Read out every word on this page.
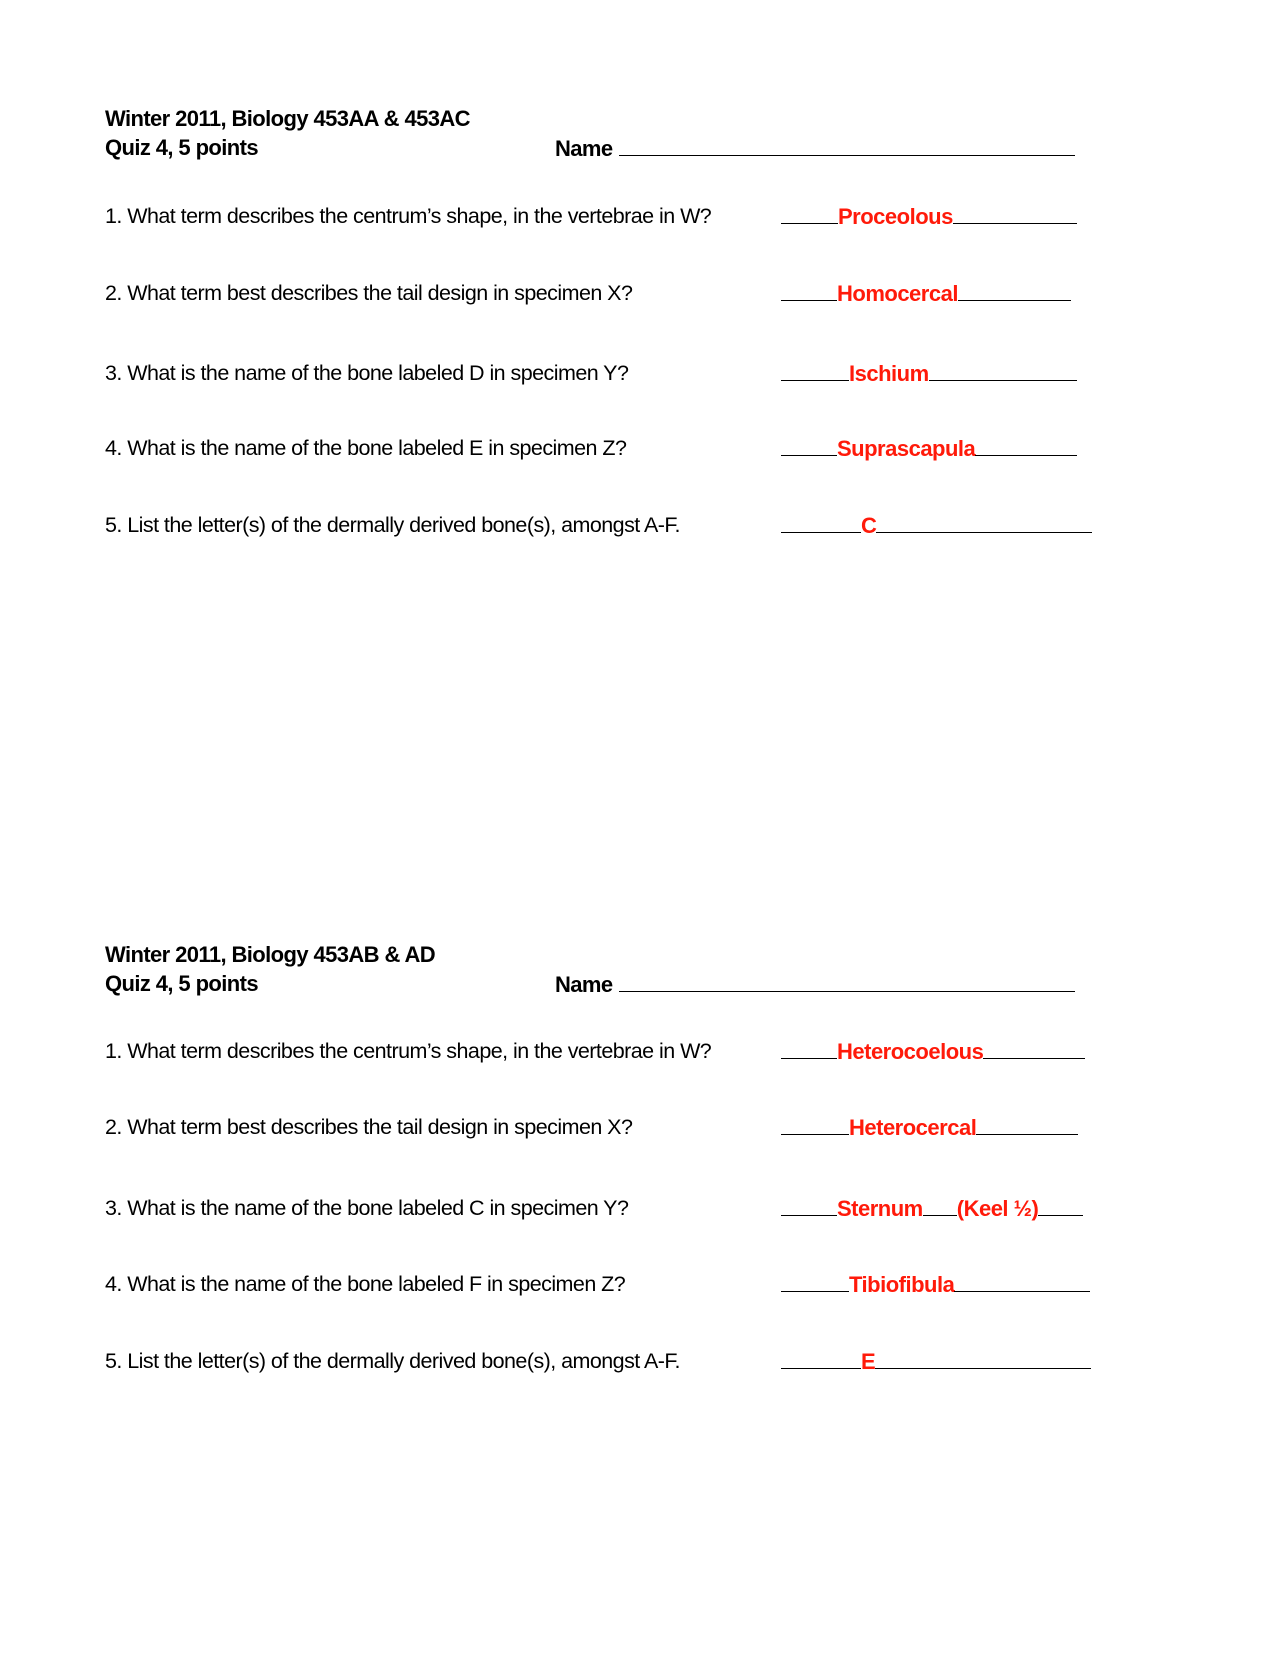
Winter 2011, Biology 453AA & 453AC
Quiz 4, 5 points	Name
1. What term describes the centrum’s shape, in the vertebrae in W?	Proceolous
2. What term best describes the tail design in specimen X?	Homocercal
3. What is the name of the bone labeled D in specimen Y?	Ischium
4. What is the name of the bone labeled E in specimen Z?	Suprascapula
5. List the letter(s) of the dermally derived bone(s), amongst A-F.	C
Winter 2011, Biology 453AB & AD
Quiz 4, 5 points	Name
1. What term describes the centrum’s shape, in the vertebrae in W?	Heterocoelous
2. What term best describes the tail design in specimen X?	Heterocercal
3. What is the name of the bone labeled C in specimen Y?	Sternum (Keel ½)
4. What is the name of the bone labeled F in specimen Z?	Tibiofibula
5. List the letter(s) of the dermally derived bone(s), amongst A-F.	E
